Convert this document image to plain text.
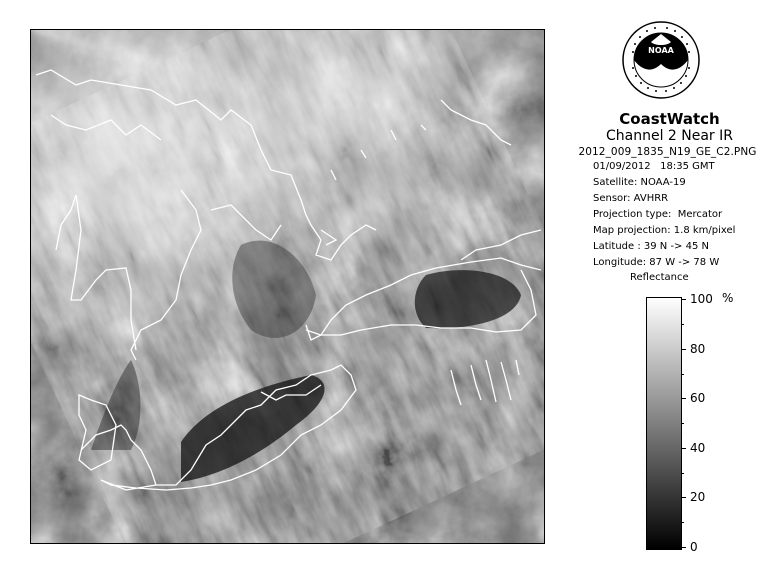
NOAA
CoastWatch
Channel 2 Near IR
2012_009_1835_N19_GE_C2.PNG
01/09/2012   18:35 GMT
Satellite: NOAA-19
Sensor: AVHRR
Projection type:  Mercator
Map projection: 1.8 km/pixel
Latitude : 39 N -> 45 N
Longitude: 87 W -> 78 W
Reflectance
%
100
80
60
40
20
0
